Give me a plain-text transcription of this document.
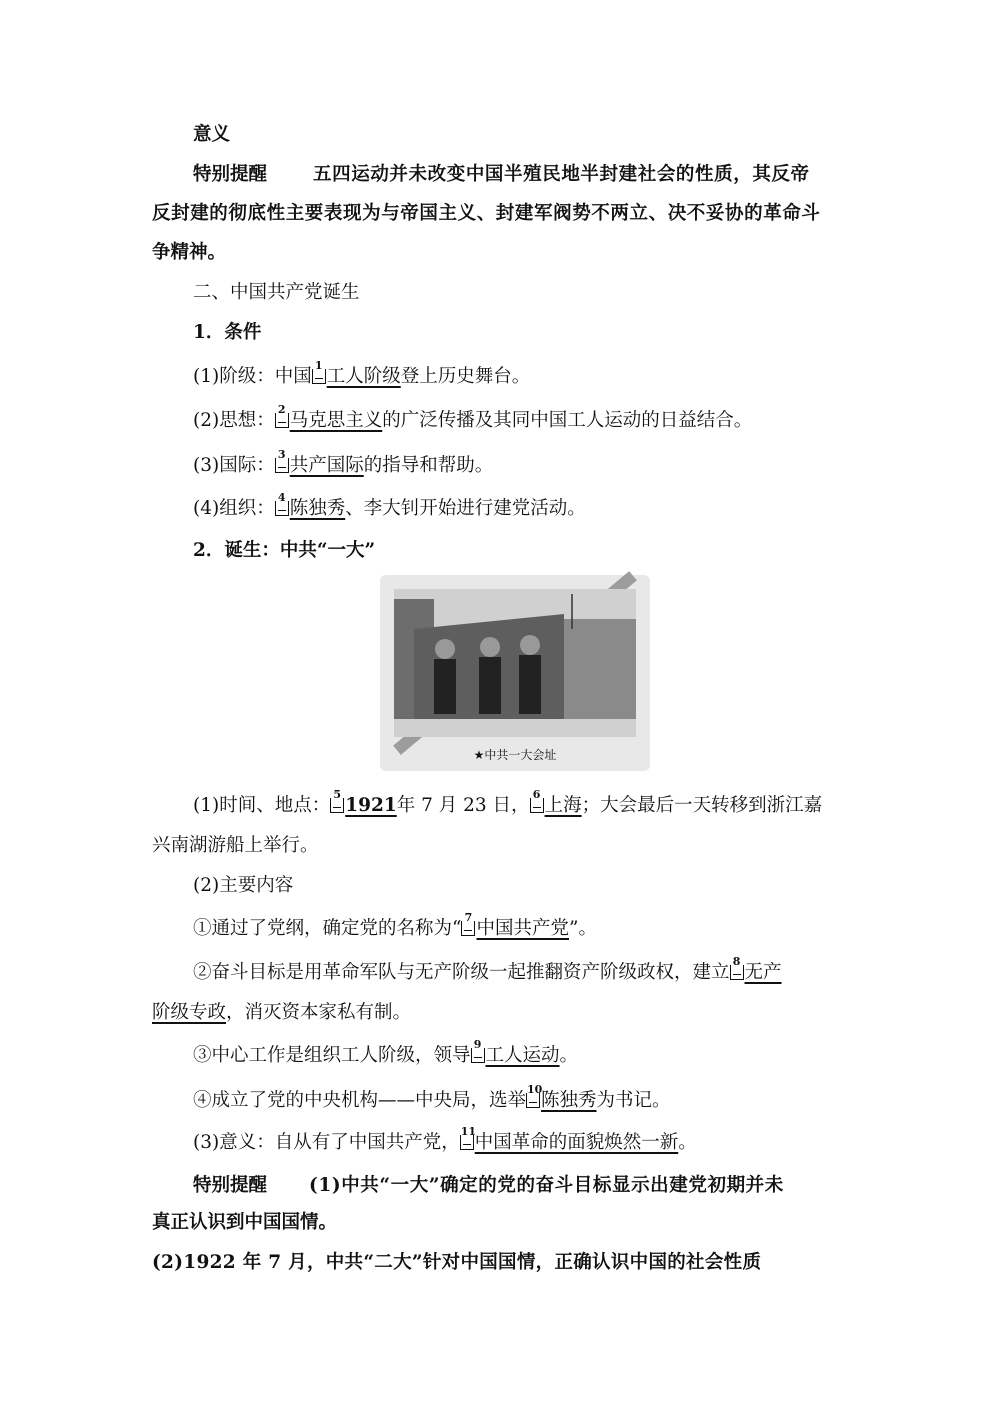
意义
特别提醒 五四运动并未改变中国半殖民地半封建社会的性质，其反帝
反封建的彻底性主要表现为与帝国主义、封建军阀势不两立、决不妥协的革命斗
争精神。
二、中国共产党诞生
1．条件
(1)阶级：中国
1
工人阶级登上历史舞台。
(2)思想：
2
马克思主义的广泛传播及其同中国工人运动的日益结合。
(3)国际：
3
共产国际的指导和帮助。
(4)组织：
4
陈独秀、李大钊开始进行建党活动。
2．诞生：中共“一大”
★中共一大会址
(1)时间、地点：
5
1921年 7 月 23 日，
6
上海；大会最后一天转移到浙江嘉
兴南湖游船上举行。
(2)主要内容
①通过了党纲，确定党的名称为“
7
中国共产党”。
②奋斗目标是用革命军队与无产阶级一起推翻资产阶级政权，建立
8
无产
阶级专政，消灭资本家私有制。
③中心工作是组织工人阶级，领导
9
工人运动。
④成立了党的中央机构——中央局，选举
10
陈独秀为书记。
(3)意义：自从有了中国共产党，
11
中国革命的面貌焕然一新。
特别提醒 (1)中共“一大”确定的党的奋斗目标显示出建党初期并未
真正认识到中国国情。
(2)1922 年 7 月，中共“二大”针对中国国情，正确认识中国的社会性质
